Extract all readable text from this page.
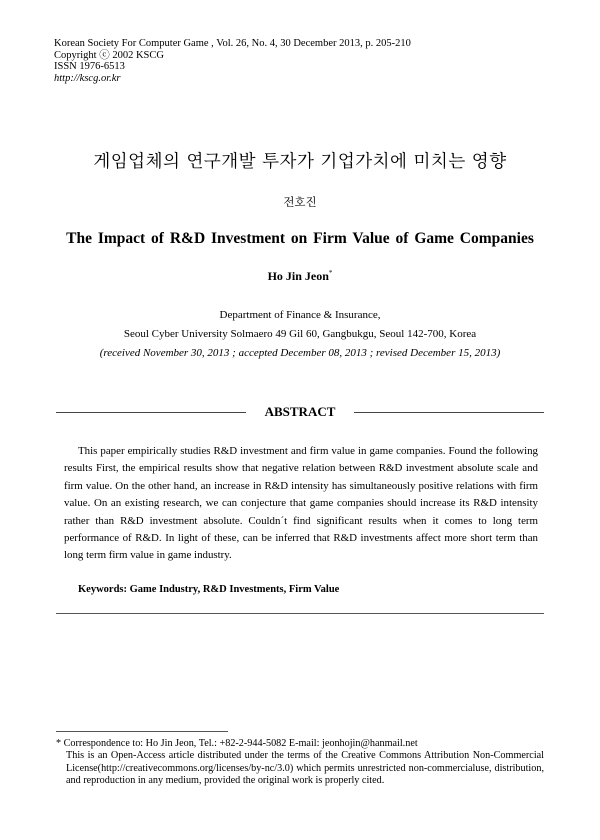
Korean Society For Computer Game , Vol. 26, No. 4, 30 December 2013, p. 205-210
Copyright ⓒ 2002 KSCG
ISSN 1976-6513
http://kscg.or.kr
게임업체의 연구개발 투자가 기업가치에 미치는 영향
전호진
The Impact of R&D Investment on Firm Value of Game Companies
Ho Jin Jeon*
Department of Finance & Insurance,
Seoul Cyber University Solmaero 49 Gil 60, Gangbukgu, Seoul 142-700, Korea
(received November 30, 2013 ; accepted December 08, 2013 ; revised December 15, 2013)
ABSTRACT
This paper empirically studies R&D investment and firm value in game companies. Found the following results First, the empirical results show that negative relation between R&D investment absolute scale and firm value. On the other hand, an increase in R&D intensity has simultaneously positive relations with firm value. On an existing research, we can conjecture that game companies should increase its R&D intensity rather than R&D investment absolute. Couldn´t find significant results when it comes to long term performance of R&D. In light of these, can be inferred that R&D investments affect more short term than long term firm value in game industry.
Keywords: Game Industry, R&D Investments, Firm Value
* Correspondence to: Ho Jin Jeon, Tel.: +82-2-944-5082 E-mail: jeonhojin@hanmail.net
This is an Open-Access article distributed under the terms of the Creative Commons Attribution Non-Commercial License(http://creativecommons.org/licenses/by-nc/3.0) which permits unrestricted non-commercialuse, distribution, and reproduction in any medium, provided the original work is properly cited.
